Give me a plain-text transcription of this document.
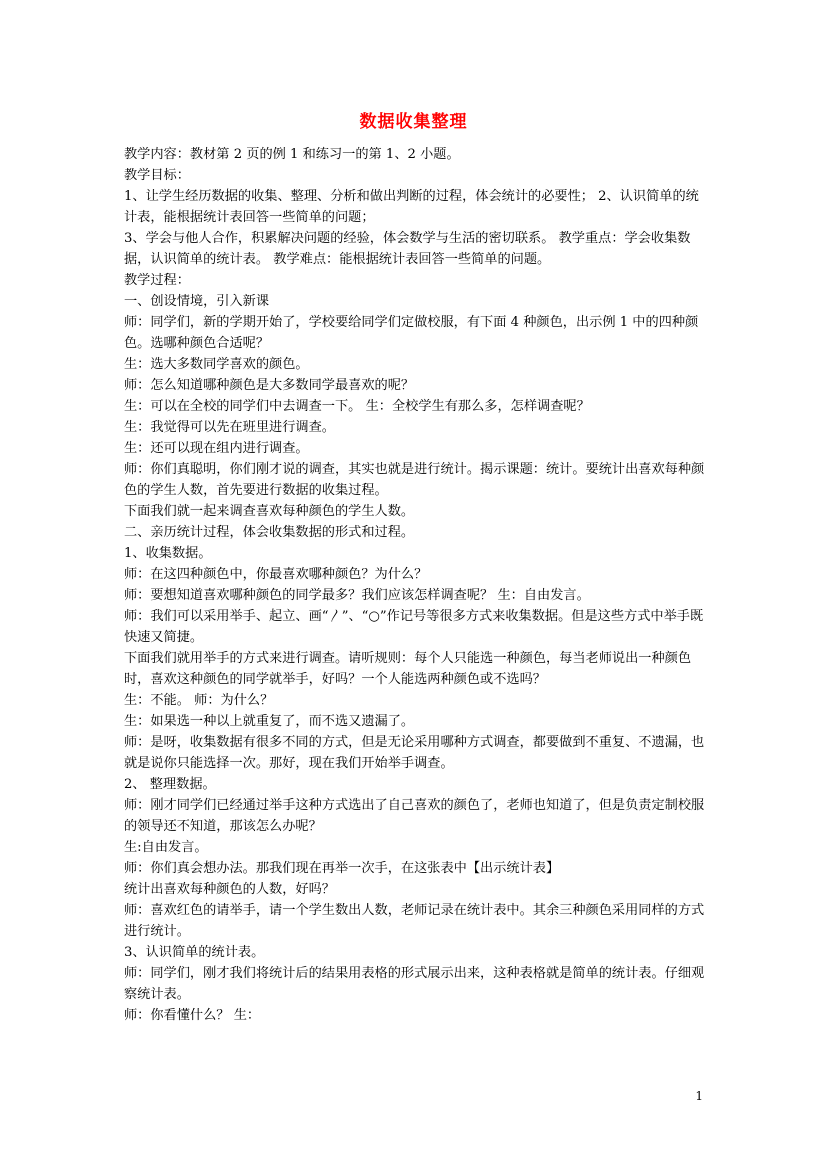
数据收集整理

教学内容：教材第 2 页的例 1 和练习一的第 1、2 小题。

教学目标：

1、让学生经历数据的收集、整理、分析和做出判断的过程，体会统计的必要性； 2、认识简单的统计表，能根据统计表回答一些简单的问题；

3、学会与他人合作，积累解决问题的经验，体会数学与生活的密切联系。 教学重点：学会收集数据，认识简单的统计表。 教学难点：能根据统计表回答一些简单的问题。

教学过程：

一、创设情境，引入新课

师：同学们，新的学期开始了，学校要给同学们定做校服，有下面 4 种颜色，出示例 1 中的四种颜色。选哪种颜色合适呢？

生：选大多数同学喜欢的颜色。

师：怎么知道哪种颜色是大多数同学最喜欢的呢？

生：可以在全校的同学们中去调查一下。 生：全校学生有那么多，怎样调查呢？

生：我觉得可以先在班里进行调查。

生：还可以现在组内进行调查。

师：你们真聪明，你们刚才说的调查，其实也就是进行统计。揭示课题：统计。要统计出喜欢每种颜色的学生人数，首先要进行数据的收集过程。

下面我们就一起来调查喜欢每种颜色的学生人数。

二、亲历统计过程，体会收集数据的形式和过程。

1、收集数据。

师：在这四种颜色中，你最喜欢哪种颜色？为什么？

师：要想知道喜欢哪种颜色的同学最多？我们应该怎样调查呢？ 生：自由发言。

师：我们可以采用举手、起立、画“〳”、“○”作记号等很多方式来收集数据。但是这些方式中举手既快速又简捷。

下面我们就用举手的方式来进行调查。请听规则：每个人只能选一种颜色，每当老师说出一种颜色时，喜欢这种颜色的同学就举手，好吗？一个人能选两种颜色或不选吗？

生：不能。 师：为什么？

生：如果选一种以上就重复了，而不选又遗漏了。

师：是呀，收集数据有很多不同的方式，但是无论采用哪种方式调查，都要做到不重复、不遗漏，也就是说你只能选择一次。那好，现在我们开始举手调查。

2、 整理数据。

师：刚才同学们已经通过举手这种方式选出了自己喜欢的颜色了，老师也知道了，但是负责定制校服的领导还不知道，那该怎么办呢？

生:自由发言。

师：你们真会想办法。那我们现在再举一次手，在这张表中【出示统计表】

统计出喜欢每种颜色的人数，好吗？

师：喜欢红色的请举手，请一个学生数出人数，老师记录在统计表中。其余三种颜色采用同样的方式进行统计。

3、认识简单的统计表。

师：同学们，刚才我们将统计后的结果用表格的形式展示出来，这种表格就是简单的统计表。仔细观察统计表。

师：你看懂什么？ 生：

1
